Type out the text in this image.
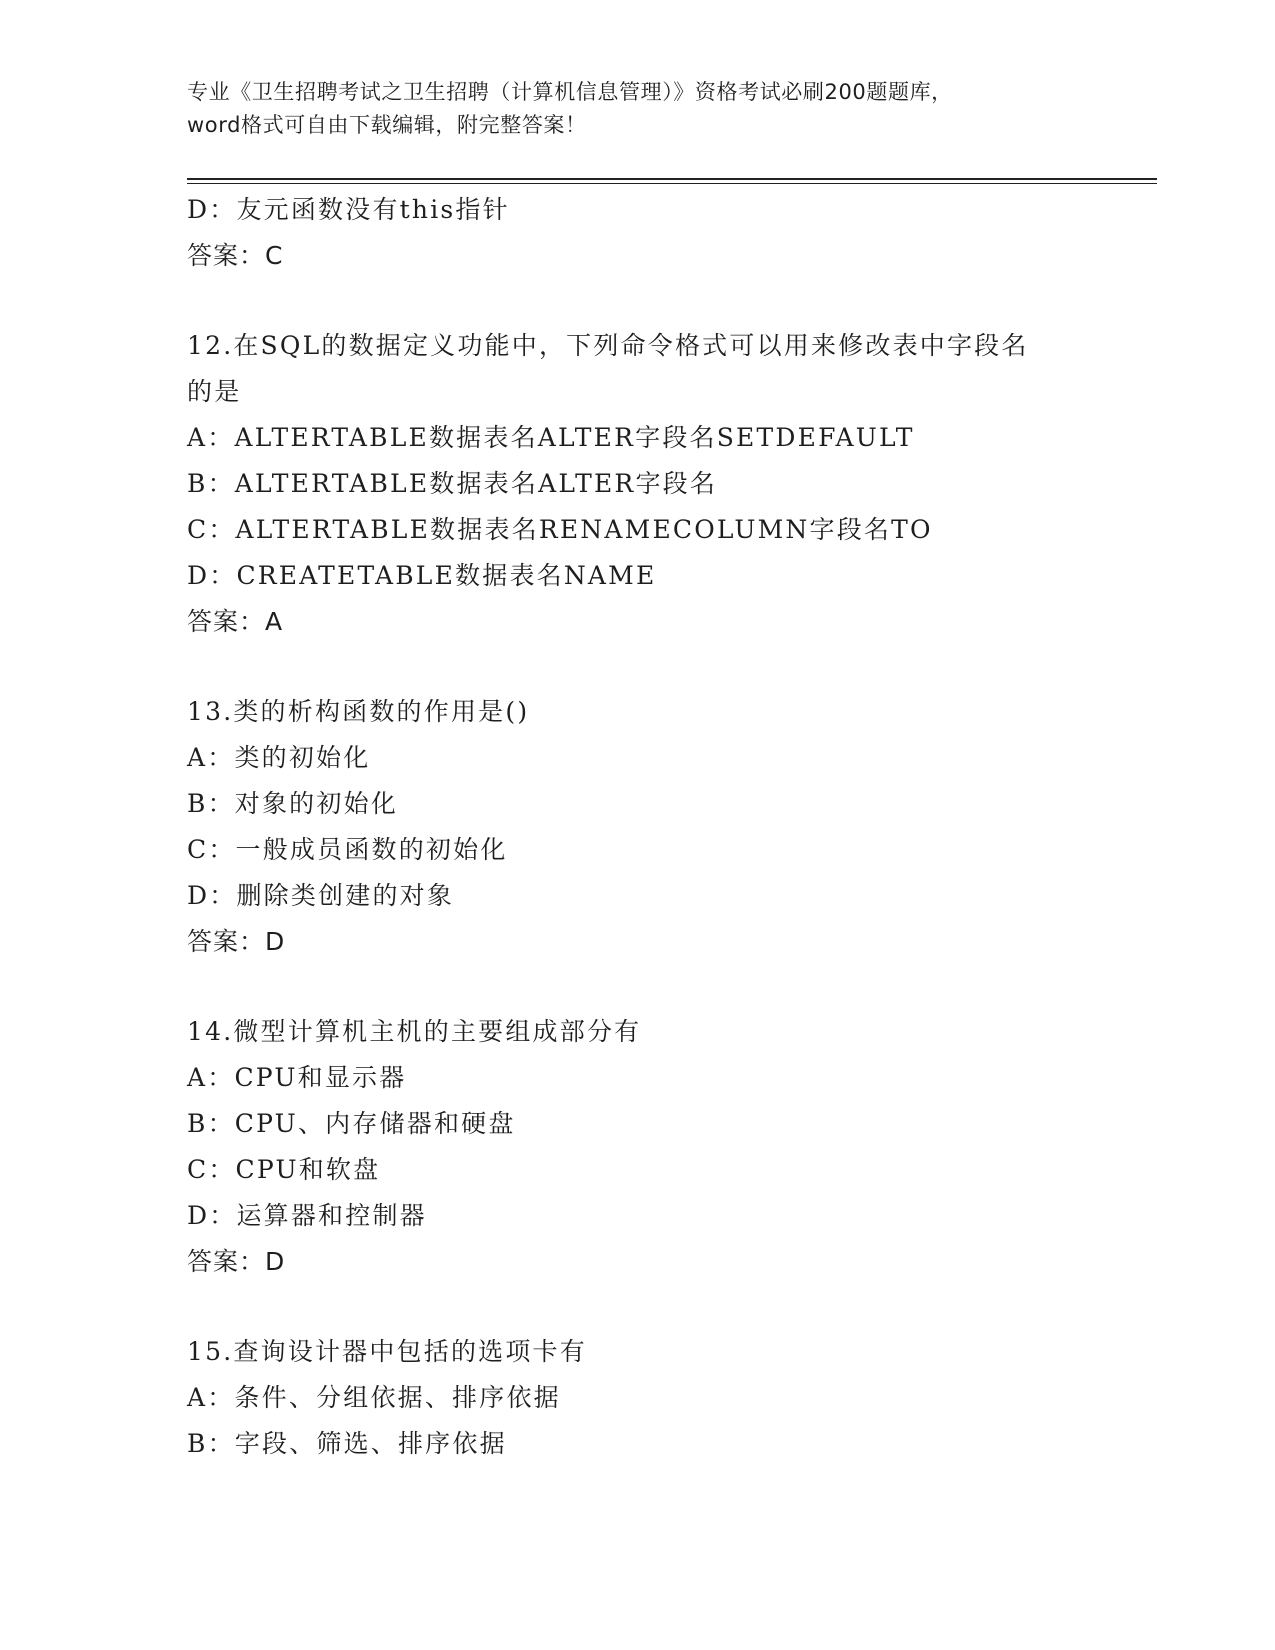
专业《卫生招聘考试之卫生招聘（计算机信息管理）》资格考试必刷200题题库，
word格式可自由下载编辑，附完整答案！
D：友元函数没有this指针
答案：C
12.在SQL的数据定义功能中，下列命令格式可以用来修改表中字段名
的是
A：ALTERTABLE数据表名ALTER字段名SETDEFAULT
B：ALTERTABLE数据表名ALTER字段名
C：ALTERTABLE数据表名RENAMECOLUMN字段名TO
D：CREATETABLE数据表名NAME
答案：A
13.类的析构函数的作用是()
A：类的初始化
B：对象的初始化
C：一般成员函数的初始化
D：删除类创建的对象
答案：D
14.微型计算机主机的主要组成部分有
A：CPU和显示器
B：CPU、内存储器和硬盘
C：CPU和软盘
D：运算器和控制器
答案：D
15.查询设计器中包括的选项卡有
A：条件、分组依据、排序依据
B：字段、筛选、排序依据
